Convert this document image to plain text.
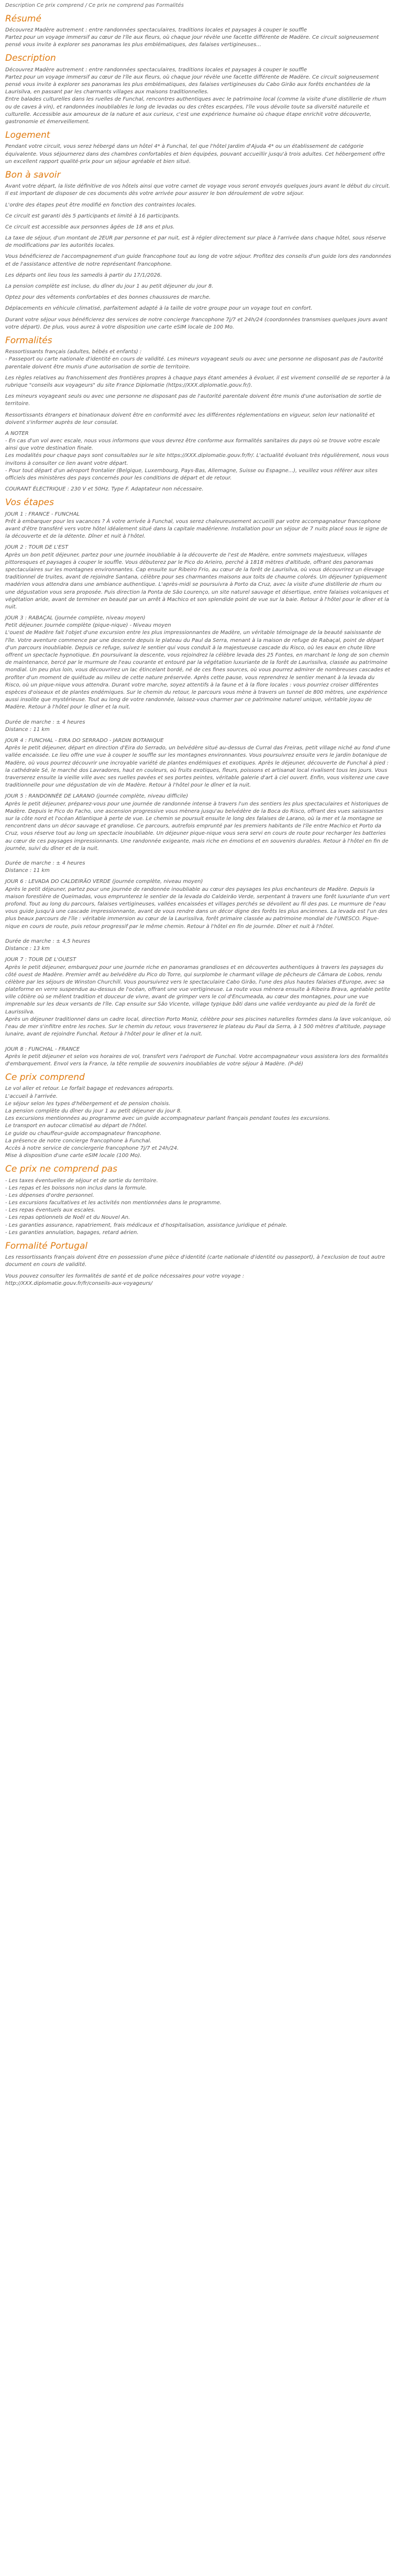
Description Ce prix comprend / Ce prix ne comprend pas Formalités
Résumé
Découvrez Madère autrement : entre randonnées spectaculaires, traditions locales et paysages à couper le souffle
Partez pour un voyage immersif au cœur de l'île aux fleurs, où chaque jour révèle une facette différente de Madère. Ce circuit soigneusement pensé vous invite à explorer ses panoramas les plus emblématiques, des falaises vertigineuses...
Description
Découvrez Madère autrement : entre randonnées spectaculaires, traditions locales et paysages à couper le souffle
Partez pour un voyage immersif au cœur de l'île aux fleurs, où chaque jour révèle une facette différente de Madère. Ce circuit soigneusement pensé vous invite à explorer ses panoramas les plus emblématiques, des falaises vertigineuses du Cabo Girão aux forêts enchantées de la Laurisilva, en passant par les charmants villages aux maisons traditionnelles.
Entre balades culturelles dans les ruelles de Funchal, rencontres authentiques avec le patrimoine local (comme la visite d'une distillerie de rhum ou de caves à vin), et randonnées inoubliables le long de levadas ou des crêtes escarpées, l'île vous dévoile toute sa diversité naturelle et culturelle. Accessible aux amoureux de la nature et aux curieux, c'est une expérience humaine où chaque étape enrichit votre découverte, gastronomie et émerveillement.
Logement
Pendant votre circuit, vous serez hébergé dans un hôtel 4* à Funchal, tel que l'hôtel Jardim d'Ajuda 4* ou un établissement de catégorie équivalente. Vous séjournerez dans des chambres confortables et bien équipées, pouvant accueillir jusqu'à trois adultes. Cet hébergement offre un excellent rapport qualité-prix pour un séjour agréable et bien situé.
Bon à savoir
Avant votre départ, la liste définitive de vos hôtels ainsi que votre carnet de voyage vous seront envoyés quelques jours avant le début du circuit. Il est important de disposer de ces documents dès votre arrivée pour assurer le bon déroulement de votre séjour.
L'ordre des étapes peut être modifié en fonction des contraintes locales.
Ce circuit est garanti dès 5 participants et limité à 16 participants.
Ce circuit est accessible aux personnes âgées de 18 ans et plus.
La taxe de séjour, d'un montant de 2EUR par personne et par nuit, est à régler directement sur place à l'arrivée dans chaque hôtel, sous réserve de modifications par les autorités locales.
Vous bénéficierez de l'accompagnement d'un guide francophone tout au long de votre séjour. Profitez des conseils d'un guide lors des randonnées et de l'assistance attentive de notre représentant francophone.
Les départs ont lieu tous les samedis à partir du 17/1/2026.
La pension complète est incluse, du dîner du jour 1 au petit déjeuner du jour 8.
Optez pour des vêtements confortables et des bonnes chaussures de marche.
Déplacements en véhicule climatisé, parfaitement adapté à la taille de votre groupe pour un voyage tout en confort.
Durant votre séjour vous bénéficierez des services de notre concierge francophone 7j/7 et 24h/24 (coordonnées transmises quelques jours avant votre départ). De plus, vous aurez à votre disposition une carte eSIM locale de 100 Mo.
Formalités
Ressortissants français (adultes, bébés et enfants) :
- Passeport ou carte nationale d'identité en cours de validité. Les mineurs voyageant seuls ou avec une personne ne disposant pas de l'autorité parentale doivent être munis d'une autorisation de sortie de territoire.
Les règles relatives au franchissement des frontières propres à chaque pays étant amenées à évoluer, il est vivement conseillé de se reporter à la rubrique "conseils aux voyageurs" du site France Diplomatie (https://XXX.diplomatie.gouv.fr/).
Les mineurs voyageant seuls ou avec une personne ne disposant pas de l'autorité parentale doivent être munis d'une autorisation de sortie de territoire.
Ressortissants étrangers et binationaux doivent être en conformité avec les différentes réglementations en vigueur, selon leur nationalité et doivent s'informer auprès de leur consulat.
A NOTER
- En cas d'un vol avec escale, nous vous informons que vous devrez être conforme aux formalités sanitaires du pays où se trouve votre escale ainsi que votre destination finale.
Les modalités pour chaque pays sont consultables sur le site https://XXX.diplomatie.gouv.fr/fr/. L'actualité évoluant très régulièrement, nous vous invitons à consulter ce lien avant votre départ.
- Pour tout départ d'un aéroport frontalier (Belgique, Luxembourg, Pays-Bas, Allemagne, Suisse ou Espagne...), veuillez vous référer aux sites officiels des ministères des pays concernés pour les conditions de départ et de retour.
COURANT ÉLECTRIQUE : 230 V et 50Hz. Type F. Adaptateur non nécessaire.
Vos étapes
JOUR 1 : FRANCE - FUNCHAL
Prêt à embarquer pour les vacances ? À votre arrivée à Funchal, vous serez chaleureusement accueilli par votre accompagnateur francophone avant d'être transféré vers votre hôtel idéalement situé dans la capitale madérienne. Installation pour un séjour de 7 nuits placé sous le signe de la découverte et de la détente. Dîner et nuit à l'hôtel.
JOUR 2 : TOUR DE L'EST
Après un bon petit déjeuner, partez pour une journée inoubliable à la découverte de l'est de Madère, entre sommets majestueux, villages pittoresques et paysages à couper le souffle. Vous débuterez par le Pico do Arieiro, perché à 1818 mètres d'altitude, offrant des panoramas spectaculaires sur les montagnes environnantes. Cap ensuite sur Ribeiro Frio, au cœur de la forêt de Laurisilva, où vous découvrirez un élevage traditionnel de truites, avant de rejoindre Santana, célèbre pour ses charmantes maisons aux toits de chaume colorés. Un déjeuner typiquement madérien vous attendra dans une ambiance authentique. L'après-midi se poursuivra à Porto da Cruz, avec la visite d'une distillerie de rhum ou une dégustation vous sera proposée. Puis direction la Ponta de São Lourenço, un site naturel sauvage et désertique, entre falaises volcaniques et végétation aride, avant de terminer en beauté par un arrêt à Machico et son splendide point de vue sur la baie. Retour à l'hôtel pour le dîner et la nuit.
JOUR 3 : RABAÇAL (journée complète, niveau moyen)
Petit déjeuner. Journée complète (pique-nique) - Niveau moyen
L'ouest de Madère fait l'objet d'une excursion entre les plus impressionnantes de Madère, un véritable témoignage de la beauté saisissante de l'île. Votre aventure commence par une descente depuis le plateau du Paul da Serra, menant à la maison de refuge de Rabaçal, point de départ d'un parcours inoubliable. Depuis ce refuge, suivez le sentier qui vous conduit à la majestueuse cascade du Risco, où les eaux en chute libre offrent un spectacle hypnotique. En poursuivant la descente, vous rejoindrez la célèbre levada des 25 Fontes, en marchant le long de son chemin de maintenance, bercé par le murmure de l'eau courante et entouré par la végétation luxuriante de la forêt de Laurissilva, classée au patrimoine mondial. Un peu plus loin, vous découvrirez un lac étincelant bordé, né de ces fines sources, où vous pourrez admirer de nombreuses cascades et profiter d'un moment de quiétude au milieu de cette nature préservée. Après cette pause, vous reprendrez le sentier menant à la levada du Risco, où un pique-nique vous attendra. Durant votre marche, soyez attentifs à la faune et à la flore locales : vous pourriez croiser différentes espèces d'oiseaux et de plantes endémiques. Sur le chemin du retour, le parcours vous mène à travers un tunnel de 800 mètres, une expérience aussi insolite que mystérieuse. Tout au long de votre randonnée, laissez-vous charmer par ce patrimoine naturel unique, véritable joyau de Madère. Retour à l'hôtel pour le dîner et la nuit.

Durée de marche : ± 4 heures
Distance : 11 km
JOUR 4 : FUNCHAL - EIRA DO SERRADO - JARDIN BOTANIQUE
Après le petit déjeuner, départ en direction d'Eira do Serrado, un belvédère situé au-dessus de Curral das Freiras, petit village niché au fond d'une vallée encaissée. Le lieu offre une vue à couper le souffle sur les montagnes environnantes. Vous poursuivrez ensuite vers le jardin botanique de Madère, où vous pourrez découvrir une incroyable variété de plantes endémiques et exotiques. Après le déjeuner, découverte de Funchal à pied : la cathédrale Sé, le marché dos Lavradores, haut en couleurs, où fruits exotiques, fleurs, poissons et artisanat local rivalisent tous les jours. Vous traverserez ensuite la vieille ville avec ses ruelles pavées et ses portes peintes, véritable galerie d'art à ciel ouvert. Enfin, vous visiterez une cave traditionnelle pour une dégustation de vin de Madère. Retour à l'hôtel pour le dîner et la nuit.
JOUR 5 : RANDONNÉE DE LARANO (journée complète, niveau difficile)
Après le petit déjeuner, préparez-vous pour une journée de randonnée intense à travers l'un des sentiers les plus spectaculaires et historiques de Madère. Depuis le Pico do Facho, une ascension progressive vous mènera jusqu'au belvédère de la Boca do Risco, offrant des vues saisissantes sur la côte nord et l'océan Atlantique à perte de vue. Le chemin se poursuit ensuite le long des falaises de Larano, où la mer et la montagne se rencontrent dans un décor sauvage et grandiose. Ce parcours, autrefois emprunté par les premiers habitants de l'île entre Machico et Porto da Cruz, vous réserve tout au long un spectacle inoubliable. Un déjeuner pique-nique vous sera servi en cours de route pour recharger les batteries au cœur de ces paysages impressionnants. Une randonnée exigeante, mais riche en émotions et en souvenirs durables. Retour à l'hôtel en fin de journée, suivi du dîner et de la nuit.

Durée de marche : ± 4 heures
Distance : 11 km
JOUR 6 : LEVADA DO CALDEIRÃO VERDE (journée complète, niveau moyen)
Après le petit déjeuner, partez pour une journée de randonnée inoubliable au cœur des paysages les plus enchanteurs de Madère. Depuis la maison forestière de Queimadas, vous emprunterez le sentier de la levada do Caldeirão Verde, serpentant à travers une forêt luxuriante d'un vert profond. Tout au long du parcours, falaises vertigineuses, vallées encaissées et villages perchés se dévoilent au fil des pas. Le murmure de l'eau vous guide jusqu'à une cascade impressionnante, avant de vous rendre dans un décor digne des forêts les plus anciennes. La levada est l'un des plus beaux parcours de l'île : véritable immersion au cœur de la Laurissilva, forêt primaire classée au patrimoine mondial de l'UNESCO. Pique-nique en cours de route, puis retour progressif par le même chemin. Retour à l'hôtel en fin de journée. Dîner et nuit à l'hôtel.

Durée de marche : ± 4,5 heures
Distance : 13 km
JOUR 7 : TOUR DE L'OUEST
Après le petit déjeuner, embarquez pour une journée riche en panoramas grandioses et en découvertes authentiques à travers les paysages du côté ouest de Madère. Premier arrêt au belvédère du Pico do Torre, qui surplombe le charmant village de pêcheurs de Câmara de Lobos, rendu célèbre par les séjours de Winston Churchill. Vous poursuivrez vers le spectaculaire Cabo Girão, l'une des plus hautes falaises d'Europe, avec sa plateforme en verre suspendue au-dessus de l'océan, offrant une vue vertigineuse. La route vous mènera ensuite à Ribeira Brava, agréable petite ville côtière où se mêlent tradition et douceur de vivre, avant de grimper vers le col d'Encumeada, au cœur des montagnes, pour une vue imprenable sur les deux versants de l'île. Cap ensuite sur São Vicente, village typique bâti dans une vallée verdoyante au pied de la forêt de Laurissilva.
Après un déjeuner traditionnel dans un cadre local, direction Porto Moniz, célèbre pour ses piscines naturelles formées dans la lave volcanique, où l'eau de mer s'infiltre entre les roches. Sur le chemin du retour, vous traverserez le plateau du Paul da Serra, à 1 500 mètres d'altitude, paysage lunaire, avant de rejoindre Funchal. Retour à l'hôtel pour le dîner et la nuit.

JOUR 8 : FUNCHAL - FRANCE
Après le petit déjeuner et selon vos horaires de vol, transfert vers l'aéroport de Funchal. Votre accompagnateur vous assistera lors des formalités d'embarquement. Envol vers la France, la tête remplie de souvenirs inoubliables de votre séjour à Madère. (P-dé)
Ce prix comprend
Le vol aller et retour. Le forfait bagage et redevances aéroports.
L'accueil à l'arrivée.
Le séjour selon les types d'hébergement et de pension choisis.
La pension complète du dîner du jour 1 au petit déjeuner du jour 8.
Les excursions mentionnées au programme avec un guide accompagnateur parlant français pendant toutes les excursions.
Le transport en autocar climatisé au départ de l'hôtel.
Le guide ou chauffeur-guide accompagnateur francophone.
La présence de notre concierge francophone à Funchal.
Accès à notre service de conciergerie francophone 7j/7 et 24h/24.
Mise à disposition d'une carte eSIM locale (100 Mo).
Ce prix ne comprend pas
- Les taxes éventuelles de séjour et de sortie du territoire.
- Les repas et les boissons non inclus dans la formule.
- Les dépenses d'ordre personnel.
- Les excursions facultatives et les activités non mentionnées dans le programme.
- Les repas éventuels aux escales.
- Les repas optionnels de Noël et du Nouvel An.
- Les garanties assurance, rapatriement, frais médicaux et d'hospitalisation, assistance juridique et pénale.
- Les garanties annulation, bagages, retard aérien.
Formalité Portugal
Les ressortissants français doivent être en possession d'une pièce d'identité (carte nationale d'identité ou passeport), à l'exclusion de tout autre document en cours de validité.
Vous pouvez consulter les formalités de santé et de police nécessaires pour votre voyage :
http://XXX.diplomatie.gouv.fr/fr/conseils-aux-voyageurs/
